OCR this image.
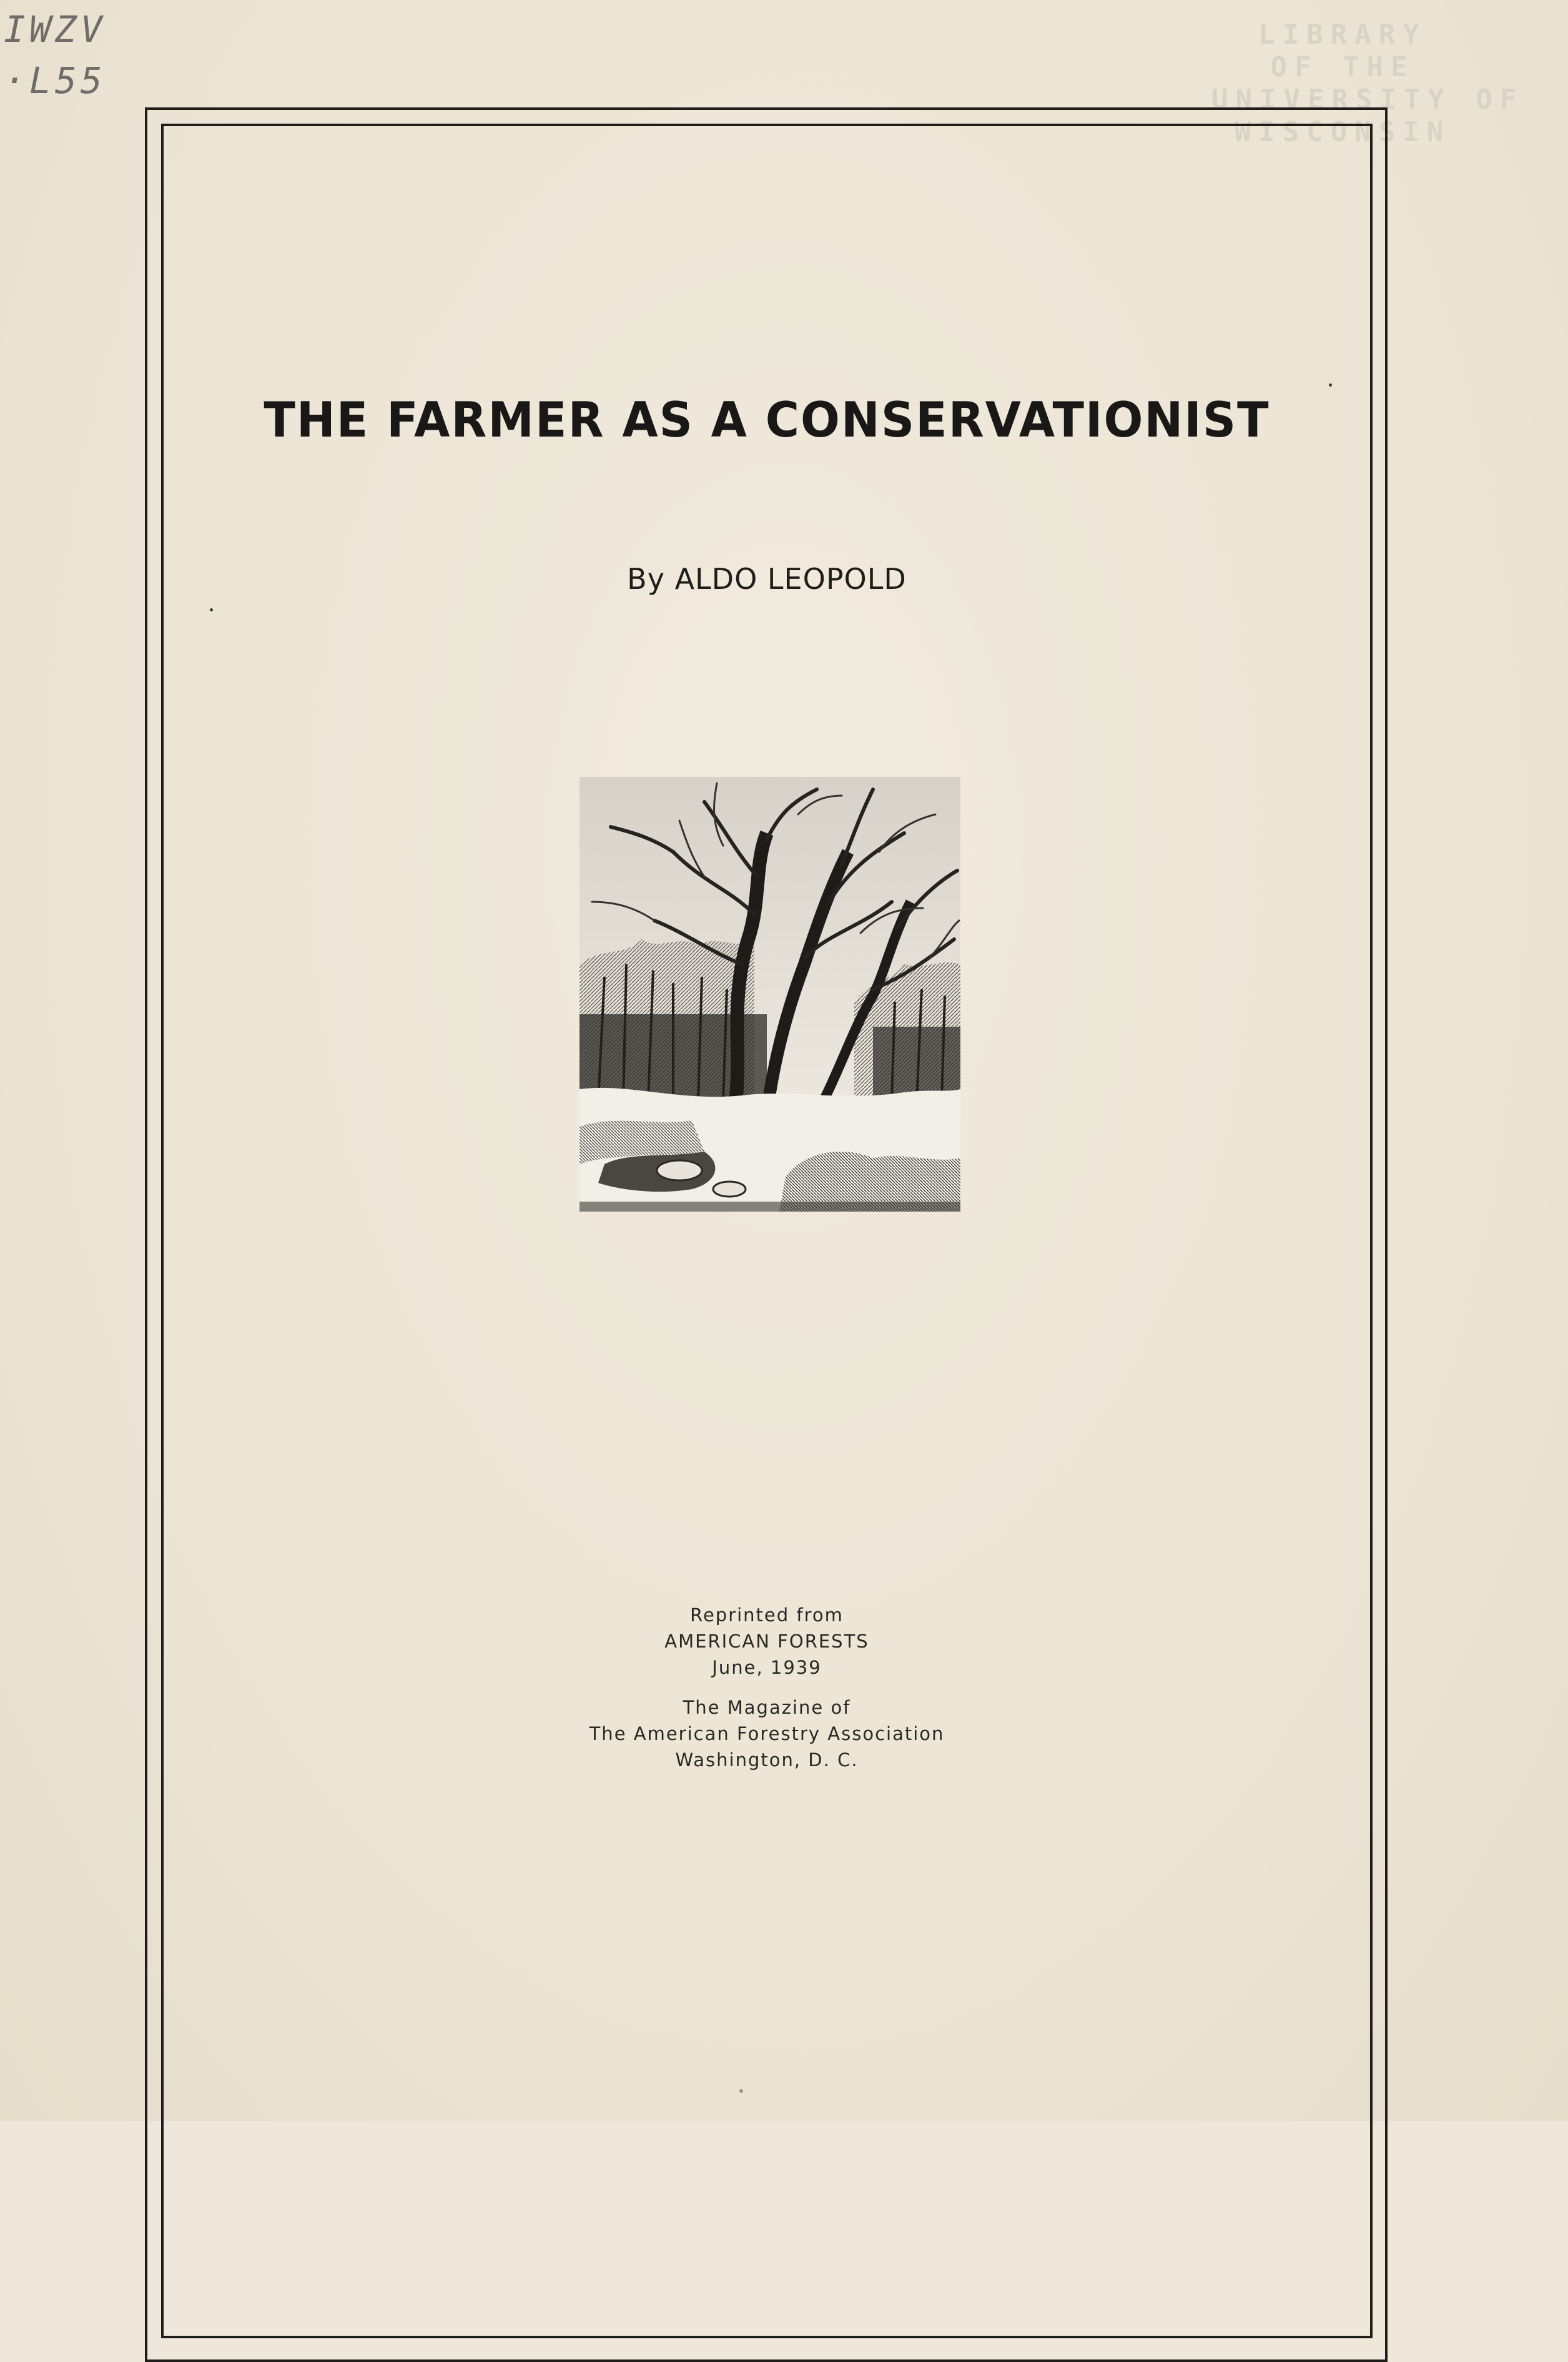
IWZV
·L55
LIBRARY
OF THE
UNIVERSITY OF
WISCONSIN
THE FARMER AS A CONSERVATIONIST
By ALDO LEOPOLD
Reprinted from
AMERICAN FORESTS
June, 1939
The Magazine of
The American Forestry Association
Washington, D. C.
